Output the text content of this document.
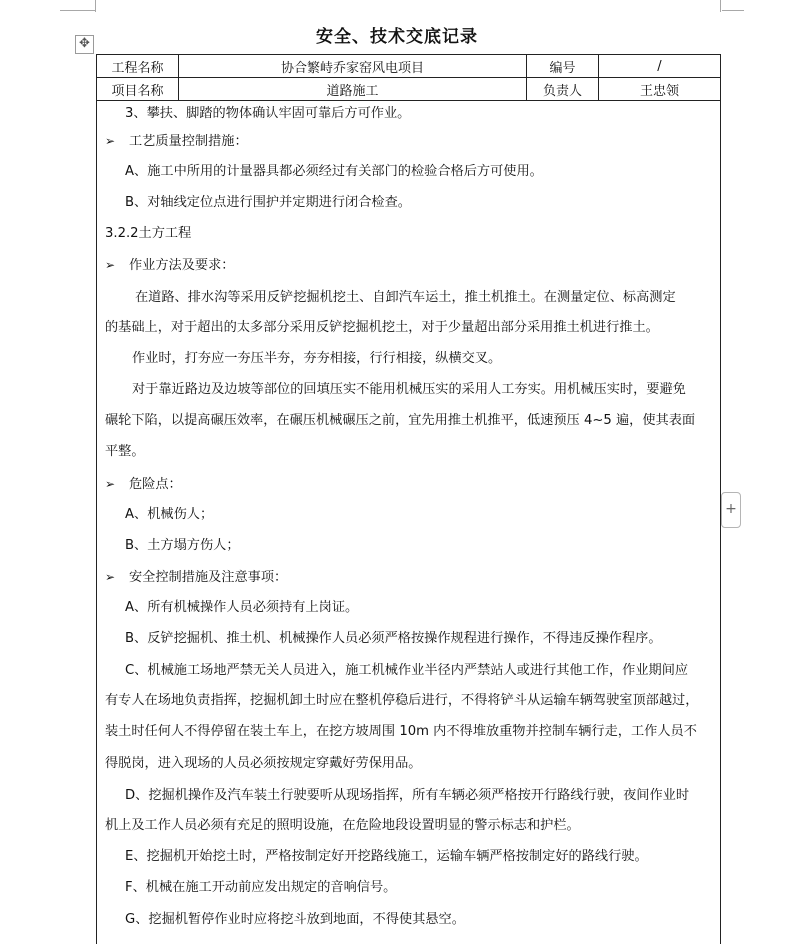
✥	安全、技术交底记录
工程名称	协合繁峙乔家窑风电项目	编号	/
项目名称	道路施工	负责人	王忠领
3、攀扶、脚踏的物体确认牢固可靠后方可作业。
➢ 工艺质量控制措施：
A、施工中所用的计量器具都必须经过有关部门的检验合格后方可使用。
B、对轴线定位点进行围护并定期进行闭合检查。
3.2.2土方工程
➢ 作业方法及要求：
在道路、排水沟等采用反铲挖掘机挖土、自卸汽车运土，推土机推土。在测量定位、标高测定
的基础上，对于超出的太多部分采用反铲挖掘机挖土，对于少量超出部分采用推土机进行推土。
作业时，打夯应一夯压半夯，夯夯相接，行行相接，纵横交叉。
对于靠近路边及边坡等部位的回填压实不能用机械压实的采用人工夯实。用机械压实时，要避免
碾轮下陷，以提高碾压效率，在碾压机械碾压之前，宜先用推土机推平，低速预压 4~5 遍，使其表面
平整。
➢ 危险点：
A、机械伤人；
B、土方塌方伤人；
➢ 安全控制措施及注意事项：
A、所有机械操作人员必须持有上岗证。
B、反铲挖掘机、推土机、机械操作人员必须严格按操作规程进行操作，不得违反操作程序。
C、机械施工场地严禁无关人员进入，施工机械作业半径内严禁站人或进行其他工作，作业期间应
有专人在场地负责指挥，挖掘机卸土时应在整机停稳后进行，不得将铲斗从运输车辆驾驶室顶部越过，
装土时任何人不得停留在装土车上，在挖方坡周围 10m 内不得堆放重物并控制车辆行走，工作人员不
得脱岗，进入现场的人员必须按规定穿戴好劳保用品。
D、挖掘机操作及汽车装土行驶要听从现场指挥，所有车辆必须严格按开行路线行驶，夜间作业时
机上及工作人员必须有充足的照明设施，在危险地段设置明显的警示标志和护栏。
E、挖掘机开始挖土时，严格按制定好开挖路线施工，运输车辆严格按制定好的路线行驶。
F、机械在施工开动前应发出规定的音响信号。
G、挖掘机暂停作业时应将挖斗放到地面，不得使其悬空。
+
